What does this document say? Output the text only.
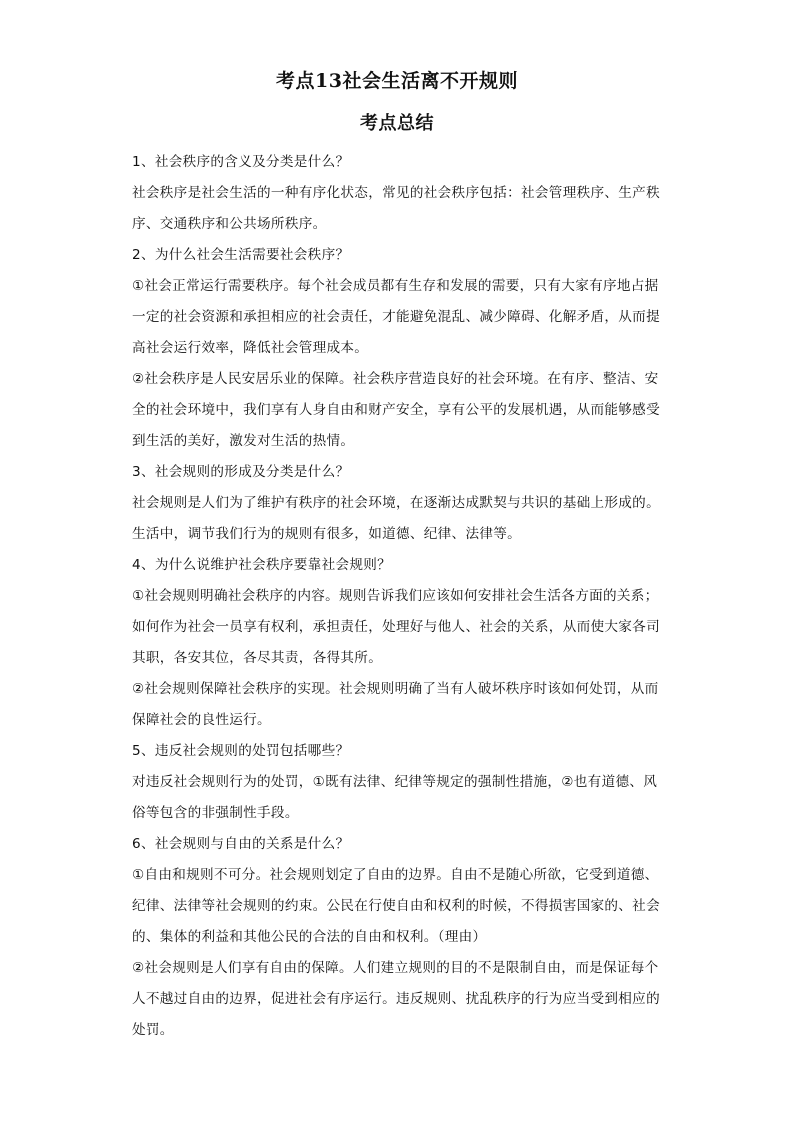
考点13社会生活离不开规则
考点总结

1、社会秩序的含义及分类是什么？

社会秩序是社会生活的一种有序化状态，常见的社会秩序包括：社会管理秩序、生产秩
序、交通秩序和公共场所秩序。

2、为什么社会生活需要社会秩序？

①社会正常运行需要秩序。每个社会成员都有生存和发展的需要，只有大家有序地占据
一定的社会资源和承担相应的社会责任，才能避免混乱、减少障碍、化解矛盾，从而提
高社会运行效率，降低社会管理成本。
②社会秩序是人民安居乐业的保障。社会秩序营造良好的社会环境。在有序、整洁、安
全的社会环境中，我们享有人身自由和财产安全，享有公平的发展机遇，从而能够感受
到生活的美好，激发对生活的热情。

3、社会规则的形成及分类是什么？

社会规则是人们为了维护有秩序的社会环境，在逐渐达成默契与共识的基础上形成的。
生活中，调节我们行为的规则有很多，如道德、纪律、法律等。

4、为什么说维护社会秩序要靠社会规则？

①社会规则明确社会秩序的内容。规则告诉我们应该如何安排社会生活各方面的关系；
如何作为社会一员享有权利，承担责任，处理好与他人、社会的关系，从而使大家各司
其职，各安其位，各尽其责，各得其所。
②社会规则保障社会秩序的实现。社会规则明确了当有人破坏秩序时该如何处罚，从而
保障社会的良性运行。

5、违反社会规则的处罚包括哪些？

对违反社会规则行为的处罚，①既有法律、纪律等规定的强制性措施，②也有道德、风
俗等包含的非强制性手段。

6、社会规则与自由的关系是什么？

①自由和规则不可分。社会规则划定了自由的边界。自由不是随心所欲，它受到道德、
纪律、法律等社会规则的约束。公民在行使自由和权利的时候，不得损害国家的、社会
的、集体的利益和其他公民的合法的自由和权利。（理由）
②社会规则是人们享有自由的保障。人们建立规则的目的不是限制自由，而是保证每个
人不越过自由的边界，促进社会有序运行。违反规则、扰乱秩序的行为应当受到相应的
处罚。
